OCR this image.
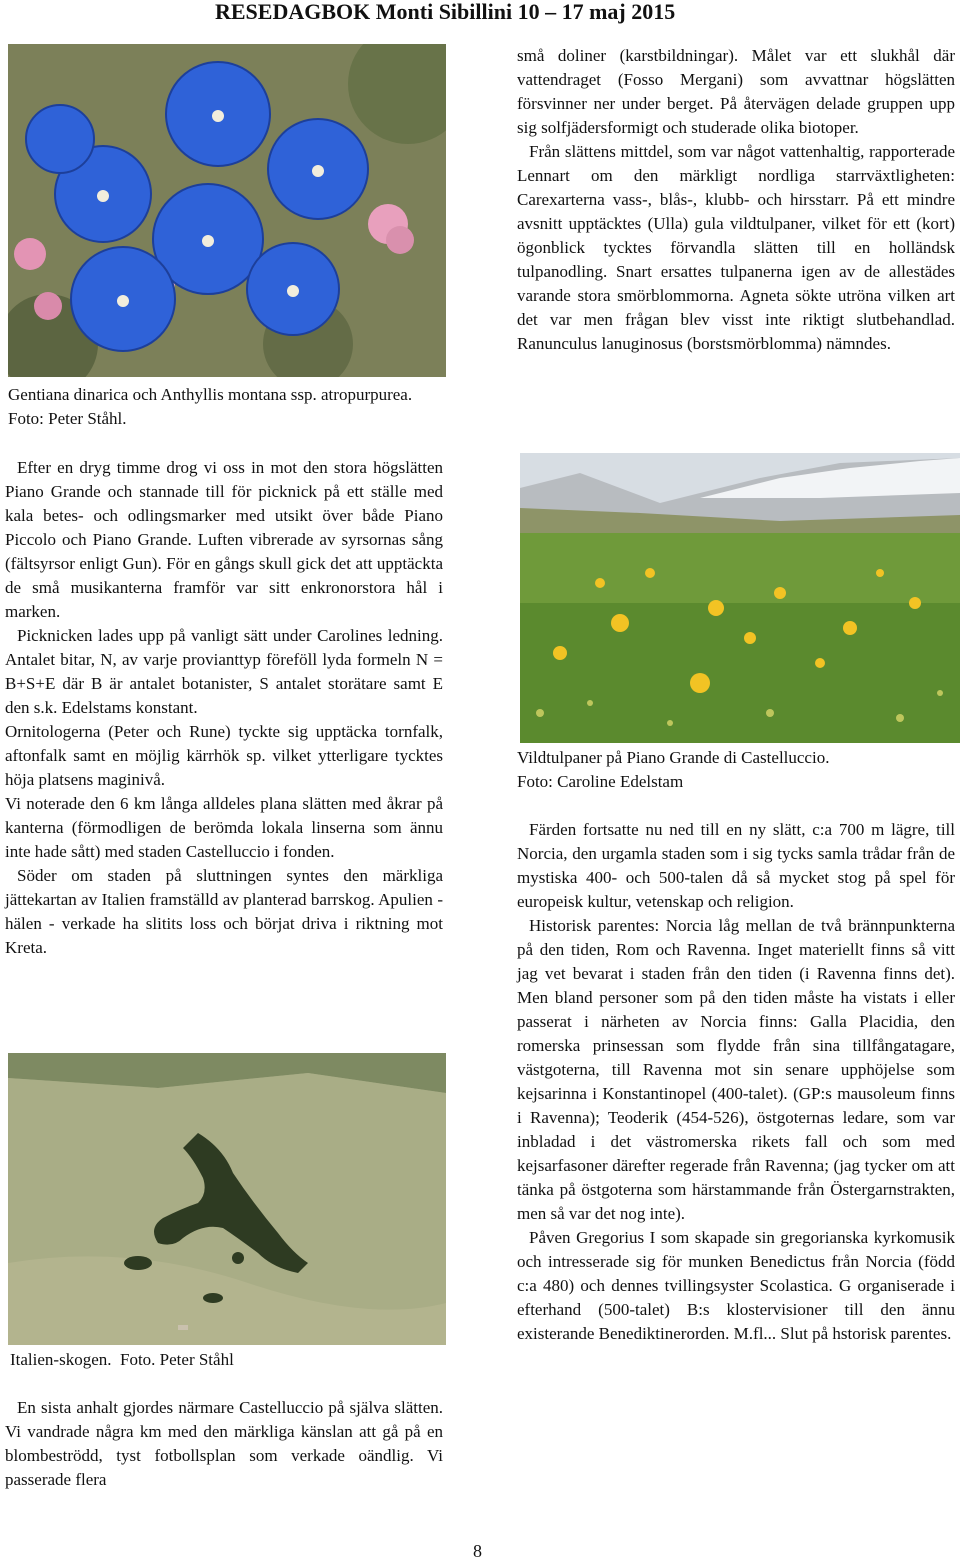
RESEDAGBOK Monti Sibillini 10 – 17 maj 2015
Gentiana dinarica och Anthyllis montana ssp. atropurpurea. Foto: Peter Ståhl.

små doliner (karstbildningar). Målet var ett slukhål där vattendraget (Fosso Mergani) som avvattnar högslätten försvinner ner under berget. På återvägen delade gruppen upp sig solfjädersformigt och studerade olika biotoper.

Från slättens mittdel, som var något vattenhaltig, rapporterade Lennart om den märkligt nordliga starrväxtligheten: Carexarterna vass-, blås-, klubb- och hirsstarr. På ett mindre avsnitt upptäcktes (Ulla) gula vildtulpaner, vilket för ett (kort) ögonblick tycktes förvandla slätten till en holländsk tulpanodling. Snart ersattes tulpanerna igen av de allestädes varande stora smörblommorna. Agneta sökte utröna vilken art det var men frågan blev visst inte riktigt slutbehandlad. Ranunculus lanuginosus (borstsmörblomma) nämndes.

Efter en dryg timme drog vi oss in mot den stora högslätten Piano Grande och stannade till för picknick på ett ställe med kala betes- och odlingsmarker med utsikt över både Piano Piccolo och Piano Grande. Luften vibrerade av syrsornas sång (fältsyrsor enligt Gun). För en gångs skull gick det att upptäckta de små musikanterna framför var sitt enkronorstora hål i marken.

Picknicken lades upp på vanligt sätt under Carolines ledning. Antalet bitar, N, av varje provianttyp föreföll lyda formeln N = B+S+E där B är antalet botanister, S antalet storätare samt E den s.k. Edelstams konstant.

Ornitologerna (Peter och Rune) tyckte sig upptäcka tornfalk, aftonfalk samt en möjlig kärrhök sp. vilket ytterligare tycktes höja platsens maginivå.

Vi noterade den 6 km långa alldeles plana slätten med åkrar på kanterna (förmodligen de berömda lokala linserna som ännu inte hade sått) med staden Castelluccio i fonden.

Söder om staden på sluttningen syntes den märkliga jättekartan av Italien framställd av planterad barrskog. Apulien - hälen - verkade ha slitits loss och börjat driva i riktning mot Kreta.

Vildtulpaner på Piano Grande di Castelluccio.
Foto: Caroline Edelstam

Färden fortsatte nu ned till en ny slätt, c:a 700 m lägre, till Norcia, den urgamla staden som i sig tycks samla trådar från de mystiska 400- och 500-talen då så mycket stog på spel för europeisk kultur, vetenskap och religion.

Historisk parentes: Norcia låg mellan de två brännpunkterna på den tiden, Rom och Ravenna. Inget materiellt finns så vitt jag vet bevarat i staden från den tiden (i Ravenna finns det). Men bland personer som på den tiden måste ha vistats i eller passerat i närheten av Norcia finns: Galla Placidia, den romerska prinsessan som flydde från sina tillfångatagare, västgoterna, till Ravenna mot sin senare upphöjelse som kejsarinna i Konstantinopel (400-talet). (GP:s mausoleum finns i Ravenna); Teoderik (454-526), östgoternas ledare, som var inbladad i det västromerska rikets fall och som med kejsarfasoner därefter regerade från Ravenna; (jag tycker om att tänka på östgoterna som härstammande från Östergarnstrakten, men så var det nog inte).

Påven Gregorius I som skapade sin gregorianska kyrkomusik och intresserade sig för munken Benedictus från Norcia (född c:a 480) och dennes tvillingsyster Scolastica. G organiserade i efterhand (500-talet) B:s klostervisioner till den ännu existerande Benediktinerorden. M.fl... Slut på hstorisk parentes.

Italien-skogen.  Foto. Peter Ståhl

En sista anhalt gjordes närmare Castelluccio på själva slätten. Vi vandrade några km med den märkliga känslan att gå på en blombeströdd, tyst fotbollsplan som verkade oändlig. Vi passerade flera

8
